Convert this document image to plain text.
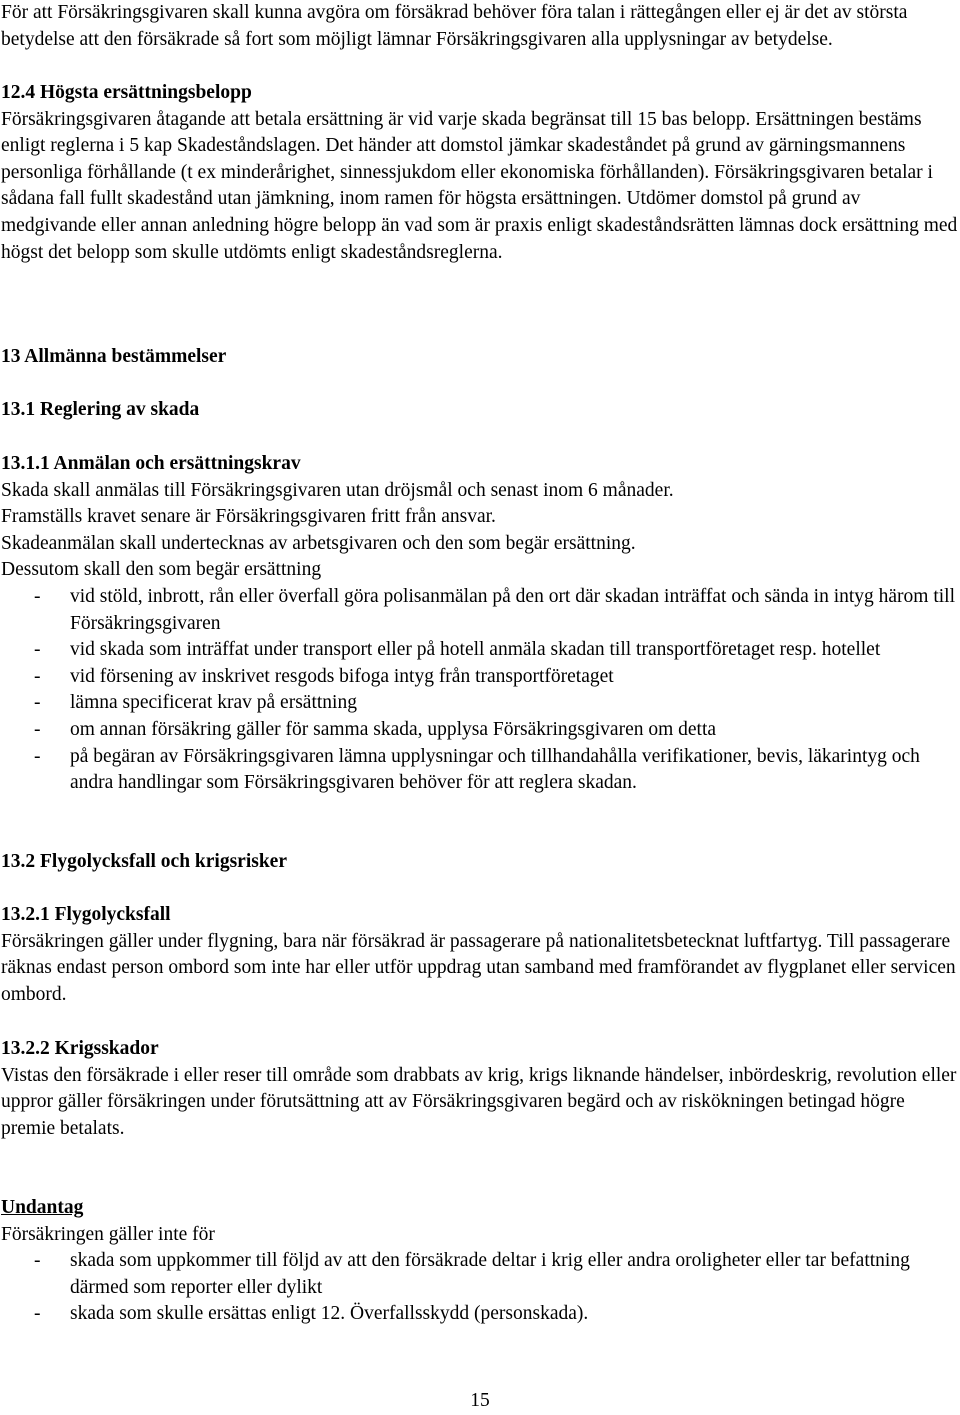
För att Försäkringsgivaren skall kunna avgöra om försäkrad behöver föra talan i rättegången eller ej är det av största betydelse att den försäkrade så fort som möjligt lämnar Försäkringsgivaren alla upplysningar av betydelse.

12.4 Högsta ersättningsbelopp

Försäkringsgivaren åtagande att betala ersättning är vid varje skada begränsat till 15 bas belopp. Ersättningen bestäms enligt reglerna i 5 kap Skadeståndslagen. Det händer att domstol jämkar skadeståndet på grund av gärningsmannens personliga förhållande (t ex minderårighet, sinnessjukdom eller ekonomiska förhållanden). Försäkringsgivaren betalar i sådana fall fullt skadestånd utan jämkning, inom ramen för högsta ersättningen. Utdömer domstol på grund av medgivande eller annan anledning högre belopp än vad som är praxis enligt skadeståndsrätten lämnas dock ersättning med högst det belopp som skulle utdömts enligt skadeståndsreglerna.

13 Allmänna bestämmelser
13.1 Reglering av skada
13.1.1 Anmälan och ersättningskrav

Skada skall anmälas till Försäkringsgivaren utan dröjsmål och senast inom 6 månader.

Framställs kravet senare är Försäkringsgivaren fritt från ansvar.

Skadeanmälan skall undertecknas av arbetsgivaren och den som begär ersättning.

Dessutom skall den som begär ersättning

- vid stöld, inbrott, rån eller överfall göra polisanmälan på den ort där skadan inträffat och sända in intyg härom till Försäkringsgivaren
- vid skada som inträffat under transport eller på hotell anmäla skadan till transportföretaget resp. hotellet
- vid försening av inskrivet resgods bifoga intyg från transportföretaget
- lämna specificerat krav på ersättning
- om annan försäkring gäller för samma skada, upplysa Försäkringsgivaren om detta
- på begäran av Försäkringsgivaren lämna upplysningar och tillhandahålla verifikationer, bevis, läkarintyg och andra handlingar som Försäkringsgivaren behöver för att reglera skadan.
13.2 Flygolycksfall och krigsrisker
13.2.1 Flygolycksfall

Försäkringen gäller under flygning, bara när försäkrad är passagerare på nationalitetsbetecknat luftfartyg. Till passagerare räknas endast person ombord som inte har eller utför uppdrag utan samband med framförandet av flygplanet eller servicen ombord.

13.2.2 Krigsskador

Vistas den försäkrade i eller reser till område som drabbats av krig, krigs liknande händelser, inbördeskrig, revolution eller uppror gäller försäkringen under förutsättning att av Försäkringsgivaren begärd och av riskökningen betingad högre premie betalats.

Undantag

Försäkringen gäller inte för

- skada som uppkommer till följd av att den försäkrade deltar i krig eller andra oroligheter eller tar befattning därmed som reporter eller dylikt
- skada som skulle ersättas enligt 12. Överfallsskydd (personskada).
15
